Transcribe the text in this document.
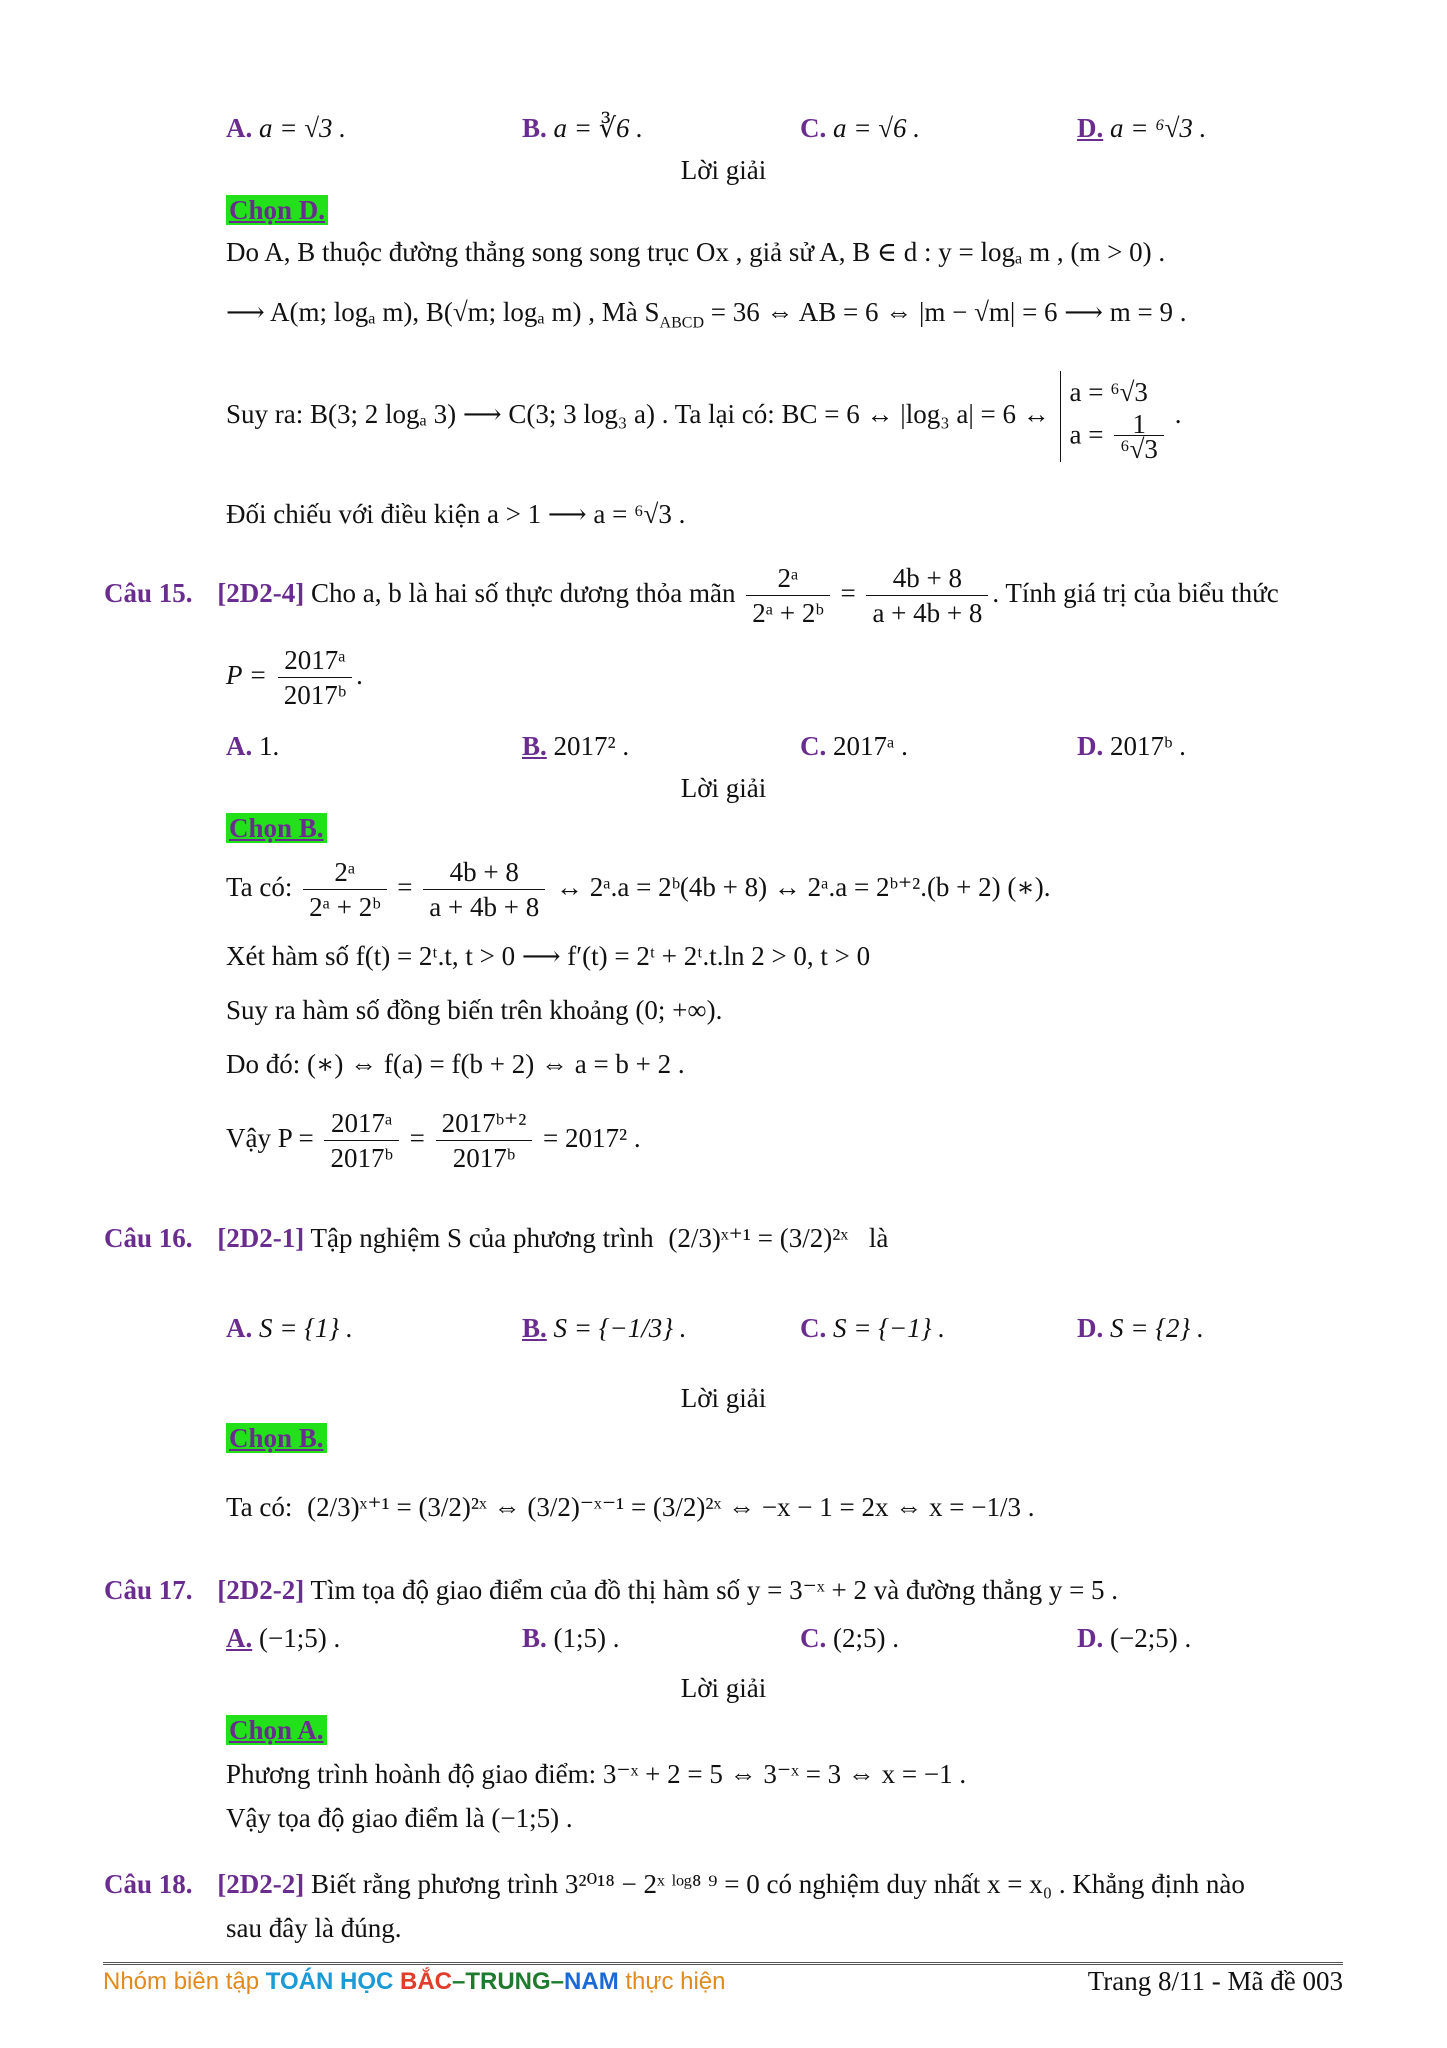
A. a = √3 .	B. a = ∛6 .	C. a = √6 .	D. a = ⁶√3 .
Lời giải
Chọn D.
Do A, B thuộc đường thẳng song song trục Ox , giả sử A, B ∈ d : y = logₐ m , (m > 0) .
⟶ A(m; logₐ m), B(√m; logₐ m) , Mà $S_{ABCD} = 36$ ⇔ AB = 6 ⇔ |m − √m| = 6 ⟶ m = 9 .
Suy ra: B(3; 2 logₐ 3) ⟶ C(3; 3 log₃ a) . Ta lại có: BC = 6 ↔ |log₃ a| = 6 ↔
a = ⁶√3
$a = \frac{1}{\text{⁶√3}}$ .
Đối chiếu với điều kiện a > 1 ⟶ a = ⁶√3 .
Câu 15. [2D2-4] Cho a, b là hai số thực dương thỏa mãn $\frac{\text{2ᵃ}}{\text{2ᵃ + 2ᵇ}} = \frac{4b + 8}{a + 4b + 8}$ . Tính giá trị của biểu thức
$P = \frac{\text{2017ᵃ}}{\text{2017ᵇ}}$ .
A. 1.	B. 2017² .	C. 2017ᵃ .	D. 2017ᵇ .
Lời giải
Chọn B.
Ta có: $\frac{\text{2ᵃ}}{\text{2ᵃ + 2ᵇ}} = \frac{4b + 8}{a + 4b + 8}$ ↔ 2ᵃ.a = 2ᵇ(4b + 8) ↔ 2ᵃ.a = 2ᵇ⁺².(b + 2) (∗).
Xét hàm số f(t) = 2ᵗ.t, t > 0 ⟶ f′(t) = 2ᵗ + 2ᵗ.t.ln 2 > 0, t > 0
Suy ra hàm số đồng biến trên khoảng (0; +∞).
Do đó: (∗) ⇔ f(a) = f(b + 2) ⇔ a = b + 2 .
Vậy $P = \frac{\text{2017ᵃ}}{\text{2017ᵇ}} = \frac{\text{2017ᵇ⁺²}}{\text{2017ᵇ}} = 2017^2$ .
Câu 16. [2D2-1] Tập nghiệm S của phương trình (2/3)ˣ⁺¹ = (3/2)²ˣ là
A. S = {1} .	B. S = {−1/3} .	C. S = {−1} .	D. S = {2} .
Lời giải
Chọn B.
Ta có: (2/3)ˣ⁺¹ = (3/2)²ˣ ⇔ (3/2)⁻ˣ⁻¹ = (3/2)²ˣ ⇔ −x − 1 = 2x ⇔ x = −1/3 .
Câu 17. [2D2-2] Tìm tọa độ giao điểm của đồ thị hàm số y = 3⁻ˣ + 2 và đường thẳng y = 5 .
A. (−1;5) .	B. (1;5) .	C. (2;5) .	D. (−2;5) .
Lời giải
Chọn A.
Phương trình hoành độ giao điểm: 3⁻ˣ + 2 = 5 ⇔ 3⁻ˣ = 3 ⇔ x = −1 .
Vậy tọa độ giao điểm là (−1;5) .
Câu 18. [2D2-2] Biết rằng phương trình 3²⁰¹⁸ − 2ˣ ˡᵒᵍ⁸ ⁹ = 0 có nghiệm duy nhất x = x₀ . Khẳng định nào
sau đây là đúng.
Nhóm biên tập TOÁN HỌC BẮC–TRUNG–NAM thực hiện	Trang 8/11 - Mã đề 003
